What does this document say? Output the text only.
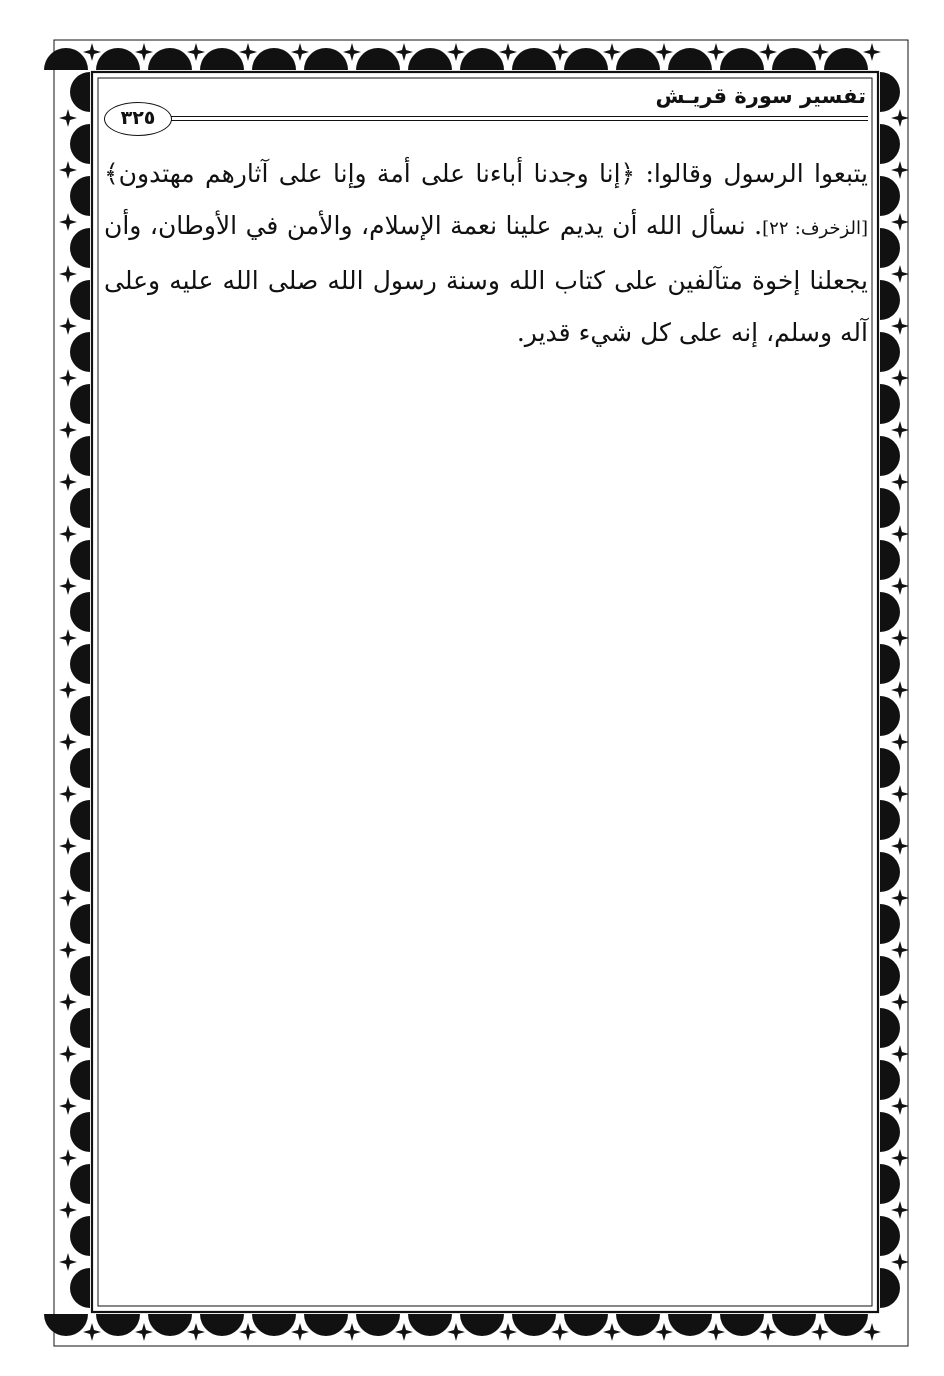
تفسير سورة قريـش
٣٢٥
يتبعوا الرسول وقالوا: ﴿إنا وجدنا أباءنا على أمة وإنا على آثارهم مهتدون﴾ [الزخرف: ٢٢]. نسأل الله أن يديم علينا نعمة الإسلام، والأمن في الأوطان، وأن يجعلنا إخوة متآلفين على كتاب الله وسنة رسول الله صلى الله عليه وعلى آله وسلم، إنه على كل شيء قدير.
